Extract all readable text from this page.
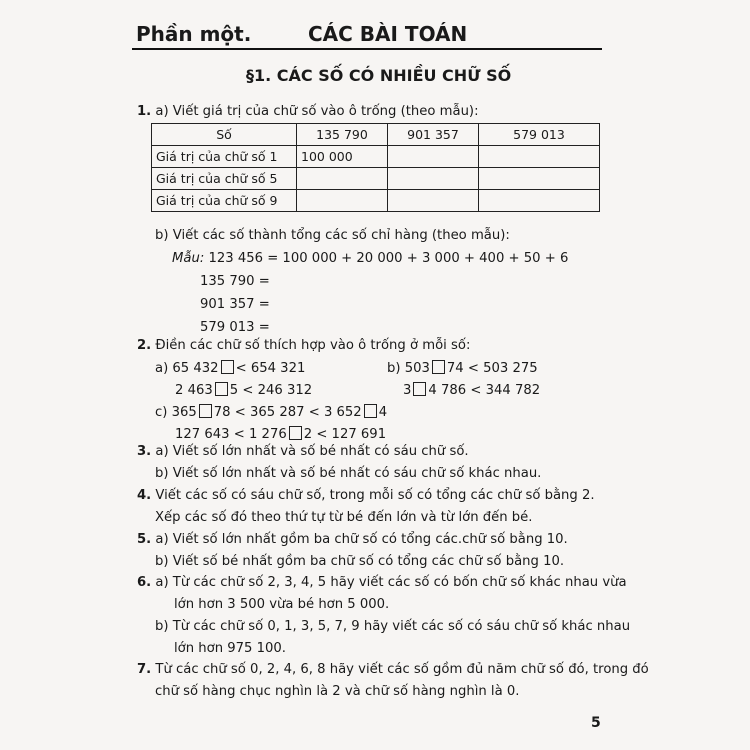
Phần một.	CÁC BÀI TOÁN
§1. CÁC SỐ CÓ NHIỀU CHỮ SỐ
1. a) Viết giá trị của chữ số vào ô trống (theo mẫu):
Số	135 790	901 357	579 013
Giá trị của chữ số 1	100 000		
Giá trị của chữ số 5			
Giá trị của chữ số 9			
b) Viết các số thành tổng các số chỉ hàng (theo mẫu):
Mẫu: 123 456 = 100 000 + 20 000 + 3 000 + 400 + 50 + 6
135 790 =
901 357 =
579 013 =
2. Điền các chữ số thích hợp vào ô trống ở mỗi số:
a) 65 432 < 654 321
2 463 5 < 246 312
b) 503 74 < 503 275
3 4 786 < 344 782
c) 365 78 < 365 287 < 3 652 4
127 643 < 1 276 2 < 127 691
3. a) Viết số lớn nhất và số bé nhất có sáu chữ số.
b) Viết số lớn nhất và số bé nhất có sáu chữ số khác nhau.
4. Viết các số có sáu chữ số, trong mỗi số có tổng các chữ số bằng 2.
Xếp các số đó theo thứ tự từ bé đến lớn và từ lớn đến bé.
5. a) Viết số lớn nhất gồm ba chữ số có tổng các.chữ số bằng 10.
b) Viết số bé nhất gồm ba chữ số có tổng các chữ số bằng 10.
6. a) Từ các chữ số 2, 3, 4, 5 hãy viết các số có bốn chữ số khác nhau vừa
lớn hơn 3 500 vừa bé hơn 5 000.
b) Từ các chữ số 0, 1, 3, 5, 7, 9 hãy viết các số có sáu chữ số khác nhau
lớn hơn 975 100.
7. Từ các chữ số 0, 2, 4, 6, 8 hãy viết các số gồm đủ năm chữ số đó, trong đó
chữ số hàng chục nghìn là 2 và chữ số hàng nghìn là 0.
5
